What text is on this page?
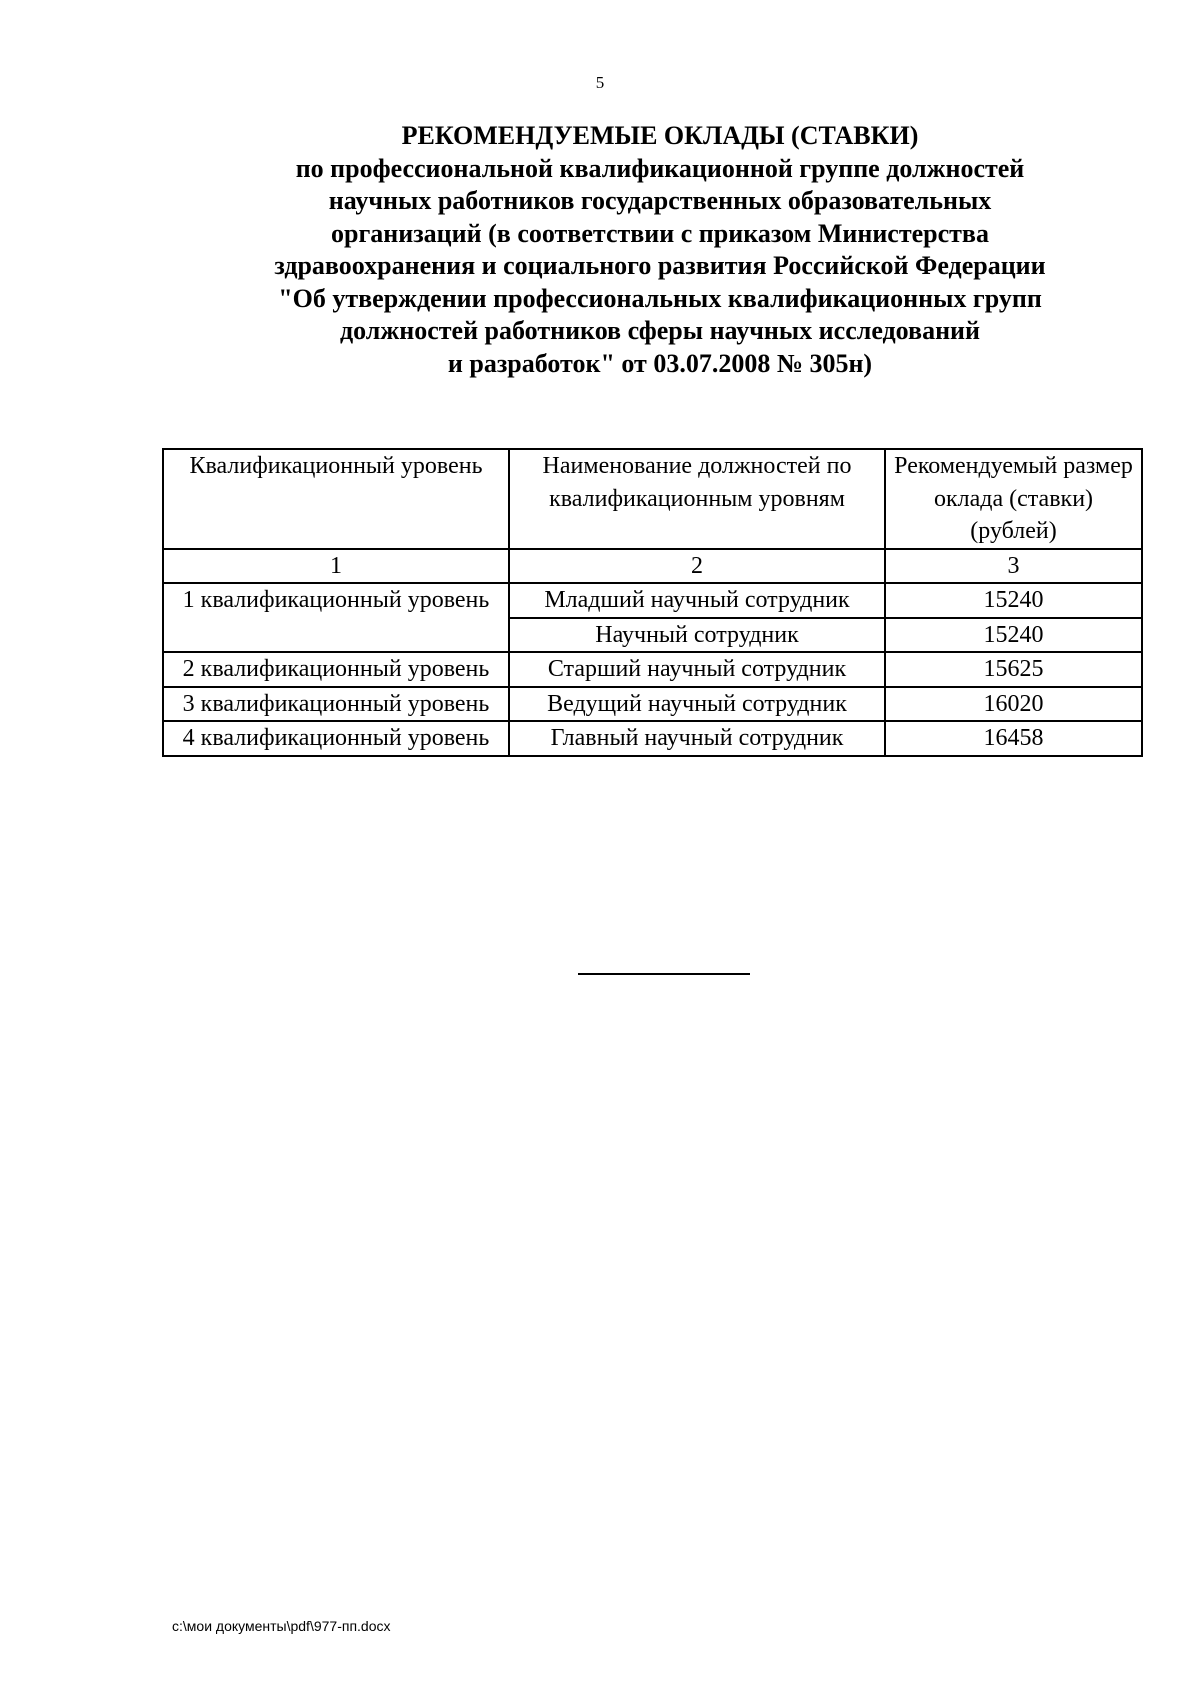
5
РЕКОМЕНДУЕМЫЕ ОКЛАДЫ (СТАВКИ)
по профессиональной квалификационной группе должностей
научных работников государственных образовательных
организаций (в соответствии с приказом Министерства
здравоохранения и социального развития Российской Федерации
"Об утверждении профессиональных квалификационных групп
должностей работников сферы научных исследований
и разработок" от 03.07.2008 № 305н)
Квалификационный уровень	Наименование должностей по квалификационным уровням	Рекомендуемый размер оклада (ставки) (рублей)
1	2	3
1 квалификационный уровень	Младший научный сотрудник	15240
	Научный сотрудник	15240
2 квалификационный уровень	Старший научный сотрудник	15625
3 квалификационный уровень	Ведущий научный сотрудник	16020
4 квалификационный уровень	Главный научный сотрудник	16458
c:\мои документы\pdf\977-пп.docx
